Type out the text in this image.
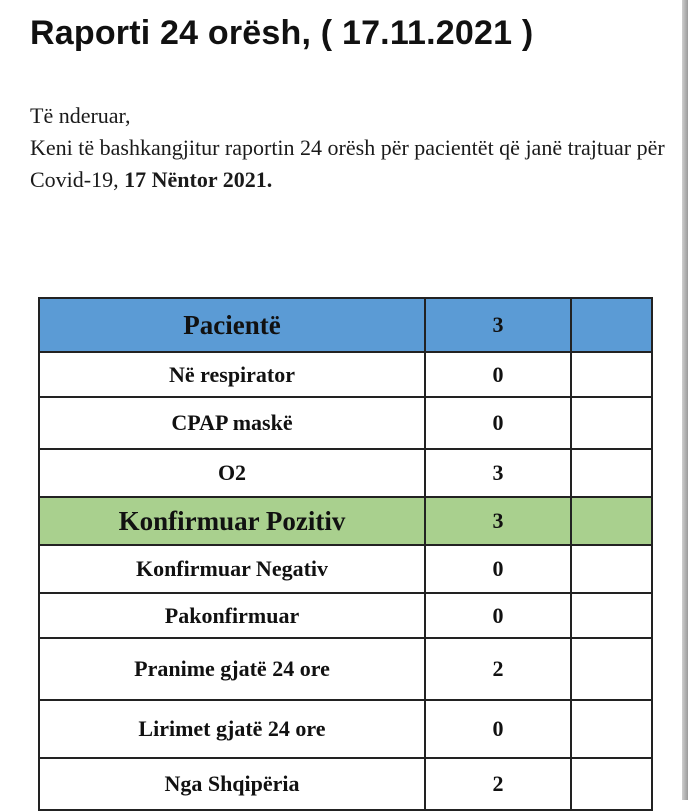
Raporti 24 orësh, ( 17.11.2021 )
Të nderuar,
Keni të bashkangjitur raportin 24 orësh për pacientët që janë trajtuar për Covid-19, 17 Nëntor 2021.
Pacientë	3	
Në respirator	0	
CPAP maskë	0	
O2	3	
Konfirmuar Pozitiv	3	
Konfirmuar Negativ	0	
Pakonfirmuar	0	
Pranime gjatë 24 ore	2	
Lirimet gjatë 24 ore	0	
Nga Shqipëria	2	
